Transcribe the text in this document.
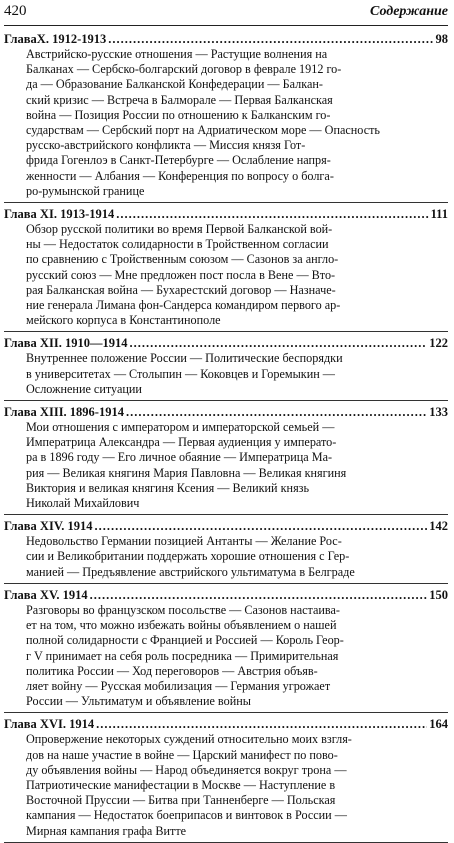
420	Содержание
ГлаваX. 1912-1913 .....	98
Австрийско-русские отношения — Растущие волнения на
Балканах — Сербско-болгарский договор в феврале 1912 го-
да — Образование Балканской Конфедерации — Балкан-
ский кризис — Встреча в Балморале — Первая Балканская
война — Позиция России по отношению к Балканским го-
сударствам — Сербский порт на Адриатическом море — Опасность
русско-австрийского конфликта — Миссия князя Гот-
фрида Гогенлоэ в Санкт-Петербурге — Ослабление напря-
женности — Албания — Конференция по вопросу о болга-
ро-румынской границе
Глава XI. 1913-1914 .....	111
Обзор русской политики во время Первой Балканской вой-
ны — Недостаток солидарности в Тройственном согласии
по сравнению с Тройственным союзом — Сазонов за англо-
русский союз — Мне предложен пост посла в Вене — Вто-
рая Балканская война — Бухарестский договор — Назначе-
ние генерала Лимана фон-Сандерса командиром первого ар-
мейского корпуса в Константинополе
Глава XII. 1910—1914 .....	122
Внутреннее положение России — Политические беспорядки
в университетах — Столыпин — Коковцев и Горемыкин —
Осложнение ситуации
Глава XIII. 1896-1914 .....	133
Мои отношения с императором и императорской семьей —
Императрица Александра — Первая аудиенция у императо-
ра в 1896 году — Его личное обаяние — Императрица Ма-
рия — Великая княгиня Мария Павловна — Великая княгиня
Виктория и великая княгиня Ксения — Великий князь
Николай Михайлович
Глава XIV. 1914 .....	142
Недовольство Германии позицией Антанты — Желание Рос-
сии и Великобритании поддержать хорошие отношения с Гер-
манией — Предъявление австрийского ультиматума в Белграде
Глава XV. 1914 .....	150
Разговоры во французском посольстве — Сазонов настаива-
ет на том, что можно избежать войны объявлением о нашей
полной солидарности с Францией и Россией — Король Геор-
г V принимает на себя роль посредника — Примирительная
политика России — Ход переговоров — Австрия объяв-
ляет войну — Русская мобилизация — Германия угрожает
России — Ультиматум и объявление войны
Глава XVI. 1914 .....	164
Опровержение некоторых суждений относительно моих взгля-
дов на наше участие в войне — Царский манифест по пово-
ду объявления войны — Народ объединяется вокруг трона —
Патриотические манифестации в Москве — Наступление в
Восточной Пруссии — Битва при Танненберге — Польская
кампания — Недостаток боеприпасов и винтовок в России —
Мирная кампания графа Витте
